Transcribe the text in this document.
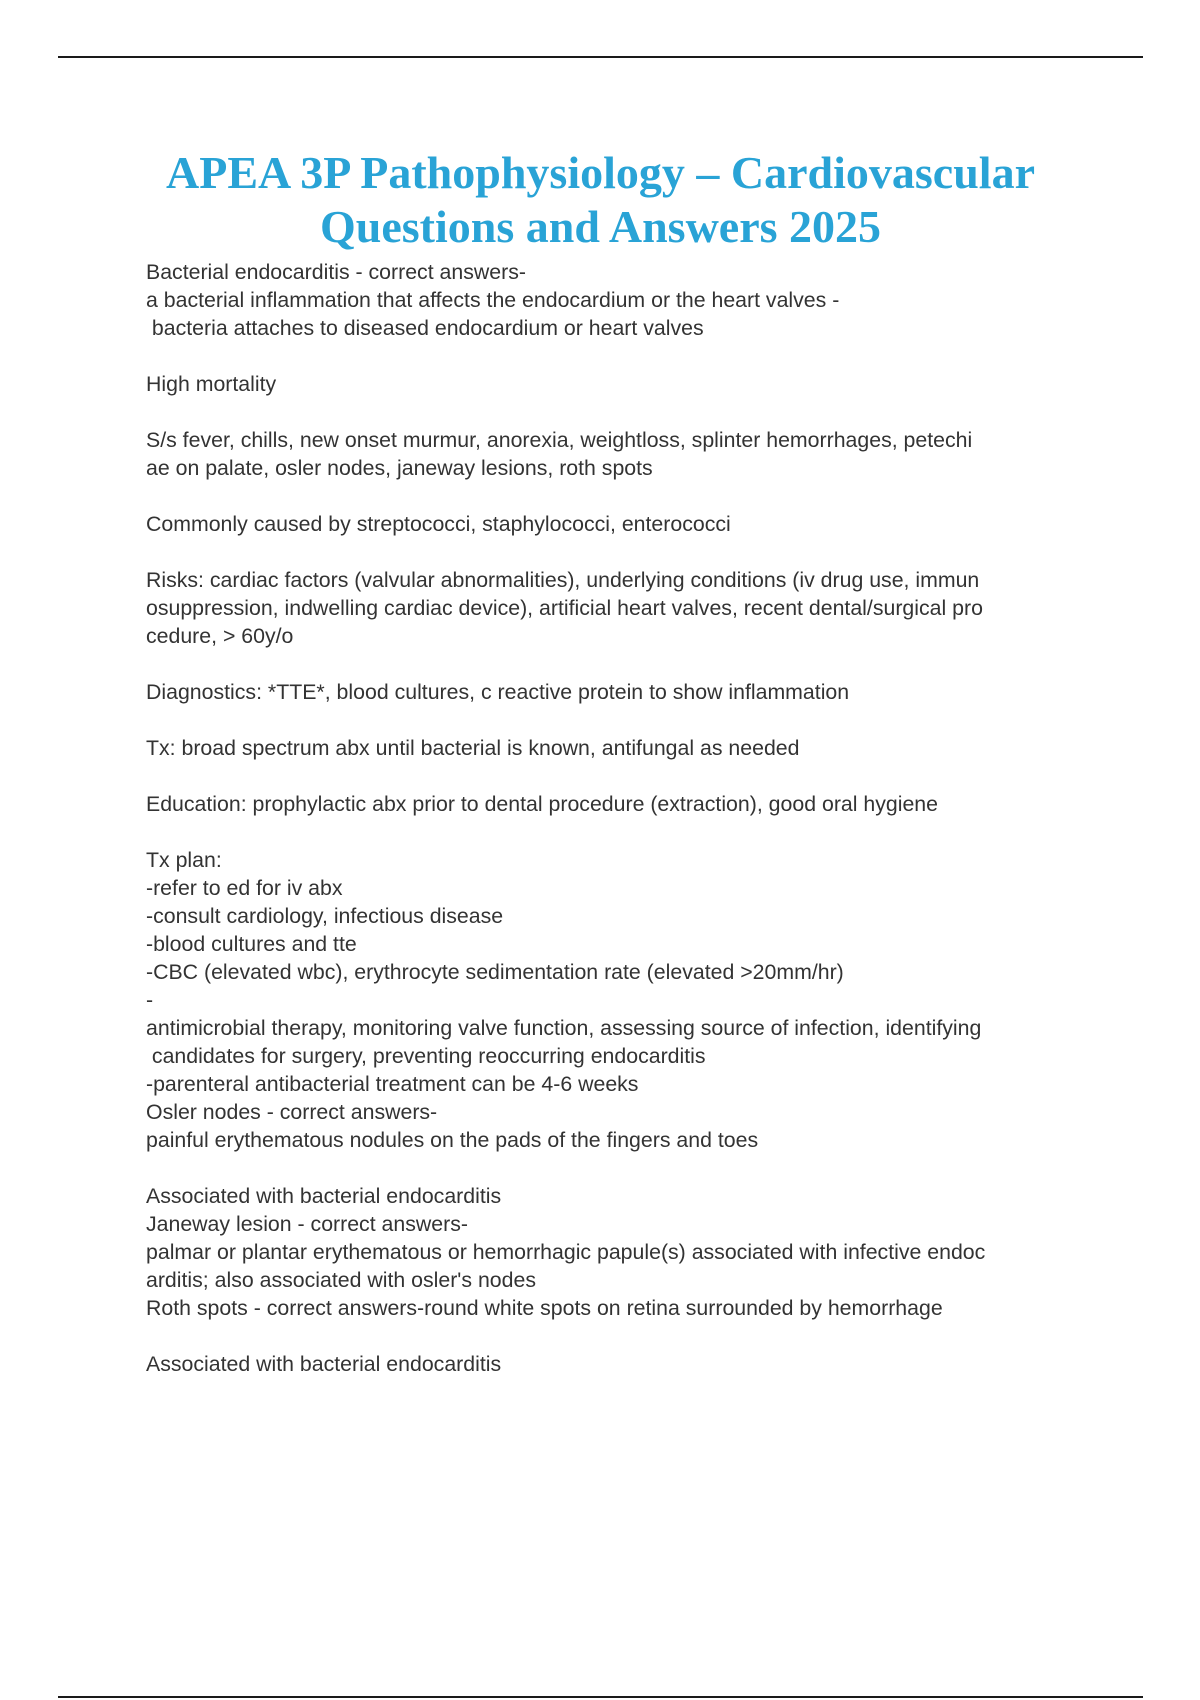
APEA 3P Pathophysiology – Cardiovascular
Questions and Answers 2025
Bacterial endocarditis - correct answers-
a bacterial inflammation that affects the endocardium or the heart valves -
bacteria attaches to diseased endocardium or heart valves
High mortality
S/s fever, chills, new onset murmur, anorexia, weightloss, splinter hemorrhages, petechi
ae on palate, osler nodes, janeway lesions, roth spots
Commonly caused by streptococci, staphylococci, enterococci
Risks: cardiac factors (valvular abnormalities), underlying conditions (iv drug use, immun
osuppression, indwelling cardiac device), artificial heart valves, recent dental/surgical pro
cedure, > 60y/o
Diagnostics: *TTE*, blood cultures, c reactive protein to show inflammation
Tx: broad spectrum abx until bacterial is known, antifungal as needed
Education: prophylactic abx prior to dental procedure (extraction), good oral hygiene
Tx plan:
-refer to ed for iv abx
-consult cardiology, infectious disease
-blood cultures and tte
-CBC (elevated wbc), erythrocyte sedimentation rate (elevated >20mm/hr)
-
antimicrobial therapy, monitoring valve function, assessing source of infection, identifying
candidates for surgery, preventing reoccurring endocarditis
-parenteral antibacterial treatment can be 4-6 weeks
Osler nodes - correct answers-
painful erythematous nodules on the pads of the fingers and toes
Associated with bacterial endocarditis
Janeway lesion - correct answers-
palmar or plantar erythematous or hemorrhagic papule(s) associated with infective endoc
arditis; also associated with osler's nodes
Roth spots - correct answers-round white spots on retina surrounded by hemorrhage
Associated with bacterial endocarditis
